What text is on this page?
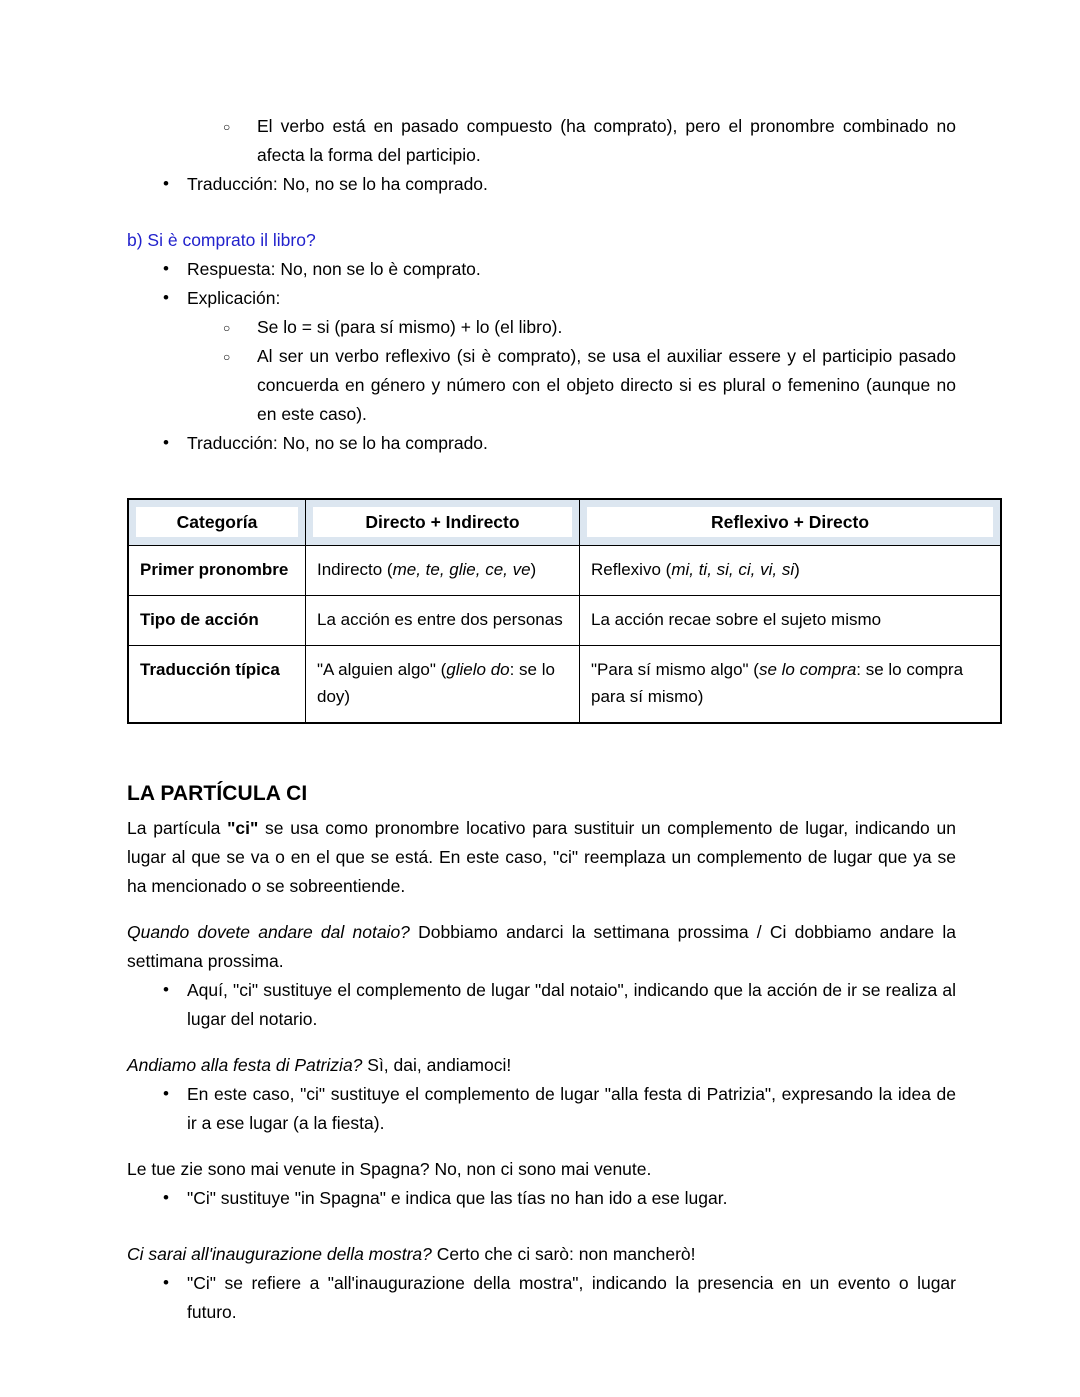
○ El verbo está en pasado compuesto (ha comprato), pero el pronombre combinado no afecta la forma del participio.
• Traducción: No, no se lo ha comprado.

b) Si è comprato il libro?

• Respuesta: No, non se lo è comprato.
• Explicación:
○ Se lo = si (para sí mismo) + lo (el libro).
○ Al ser un verbo reflexivo (si è comprato), se usa el auxiliar essere y el participio pasado concuerda en género y número con el objeto directo si es plural o femenino (aunque no en este caso).
• Traducción: No, no se lo ha comprado.
Categoría	Directo + Indirecto	Reflexivo + Directo

Primer pronombre	Indirecto (me, te, glie, ce, ve)	Reflexivo (mi, ti, si, ci, vi, si)
Tipo de acción	La acción es entre dos personas	La acción recae sobre el sujeto mismo
Traducción típica	"A alguien algo" (glielo do: se lo doy)	"Para sí mismo algo" (se lo compra: se lo compra para sí mismo)
LA PARTÍCULA CI

La partícula "ci" se usa como pronombre locativo para sustituir un complemento de lugar, indicando un lugar al que se va o en el que se está. En este caso, "ci" reemplaza un complemento de lugar que ya se ha mencionado o se sobreentiende.

Quando dovete andare dal notaio? Dobbiamo andarci la settimana prossima / Ci dobbiamo andare la settimana prossima.

• Aquí, "ci" sustituye el complemento de lugar "dal notaio", indicando que la acción de ir se realiza al lugar del notario.

Andiamo alla festa di Patrizia? Sì, dai, andiamoci!

• En este caso, "ci" sustituye el complemento de lugar "alla festa di Patrizia", expresando la idea de ir a ese lugar (a la fiesta).

Le tue zie sono mai venute in Spagna? No, non ci sono mai venute.

• "Ci" sustituye "in Spagna" e indica que las tías no han ido a ese lugar.

Ci sarai all'inaugurazione della mostra? Certo che ci sarò: non mancherò!

• "Ci" se refiere a "all'inaugurazione della mostra", indicando la presencia en un evento o lugar futuro.
